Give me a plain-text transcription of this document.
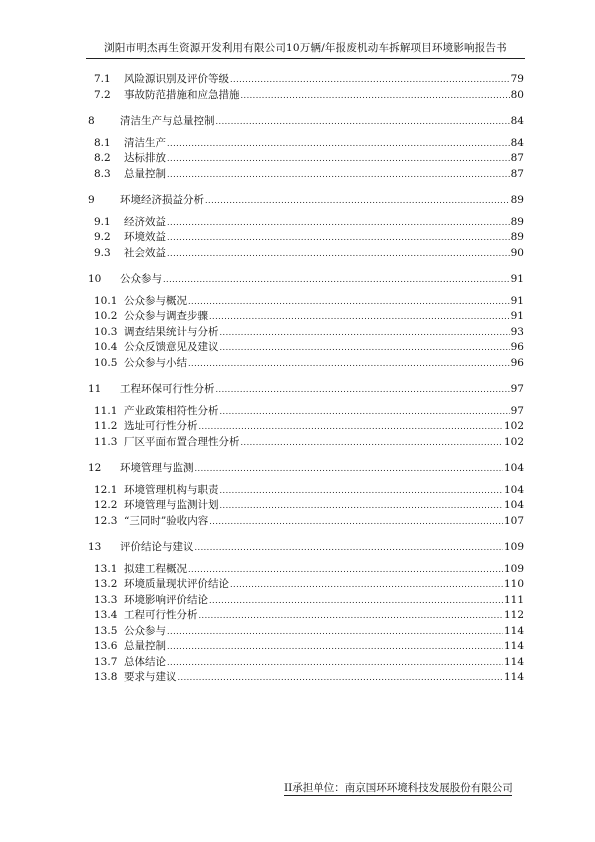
浏阳市明杰再生资源开发利用有限公司10万辆/年报废机动车拆解项目环境影响报告书
7.1	风险源识别及评价等级 .....	79
7.2	事故防范措施和应急措施 .....	80
8	清洁生产与总量控制 .....	84
8.1	清洁生产 .....	84
8.2	达标排放 .....	87
8.3	总量控制 .....	87
9	环境经济损益分析 .....	89
9.1	经济效益 .....	89
9.2	环境效益 .....	89
9.3	社会效益 .....	90
10	公众参与 .....	91
10.1 公众参与概况 .....	91
10.2 公众参与调查步骤 .....	91
10.3 调查结果统计与分析 .....	93
10.4 公众反馈意见及建议 .....	96
10.5 公众参与小结 .....	96
11	工程环保可行性分析 .....	97
11.1 产业政策相符性分析 .....	97
11.2 选址可行性分析 .....	102
11.3 厂区平面布置合理性分析 .....	102
12	环境管理与监测 .....	104
12.1 环境管理机构与职责 .....	104
12.2 环境管理与监测计划 .....	104
12.3 “三同时”验收内容 .....	107
13	评价结论与建议 .....	109
13.1 拟建工程概况 .....	109
13.2 环境质量现状评价结论 .....	110
13.3 环境影响评价结论 .....	111
13.4 工程可行性分析 .....	112
13.5 公众参与 .....	114
13.6 总量控制 .....	114
13.7 总体结论 .....	114
13.8 要求与建议 .....	114
II承担单位：南京国环环境科技发展股份有限公司
